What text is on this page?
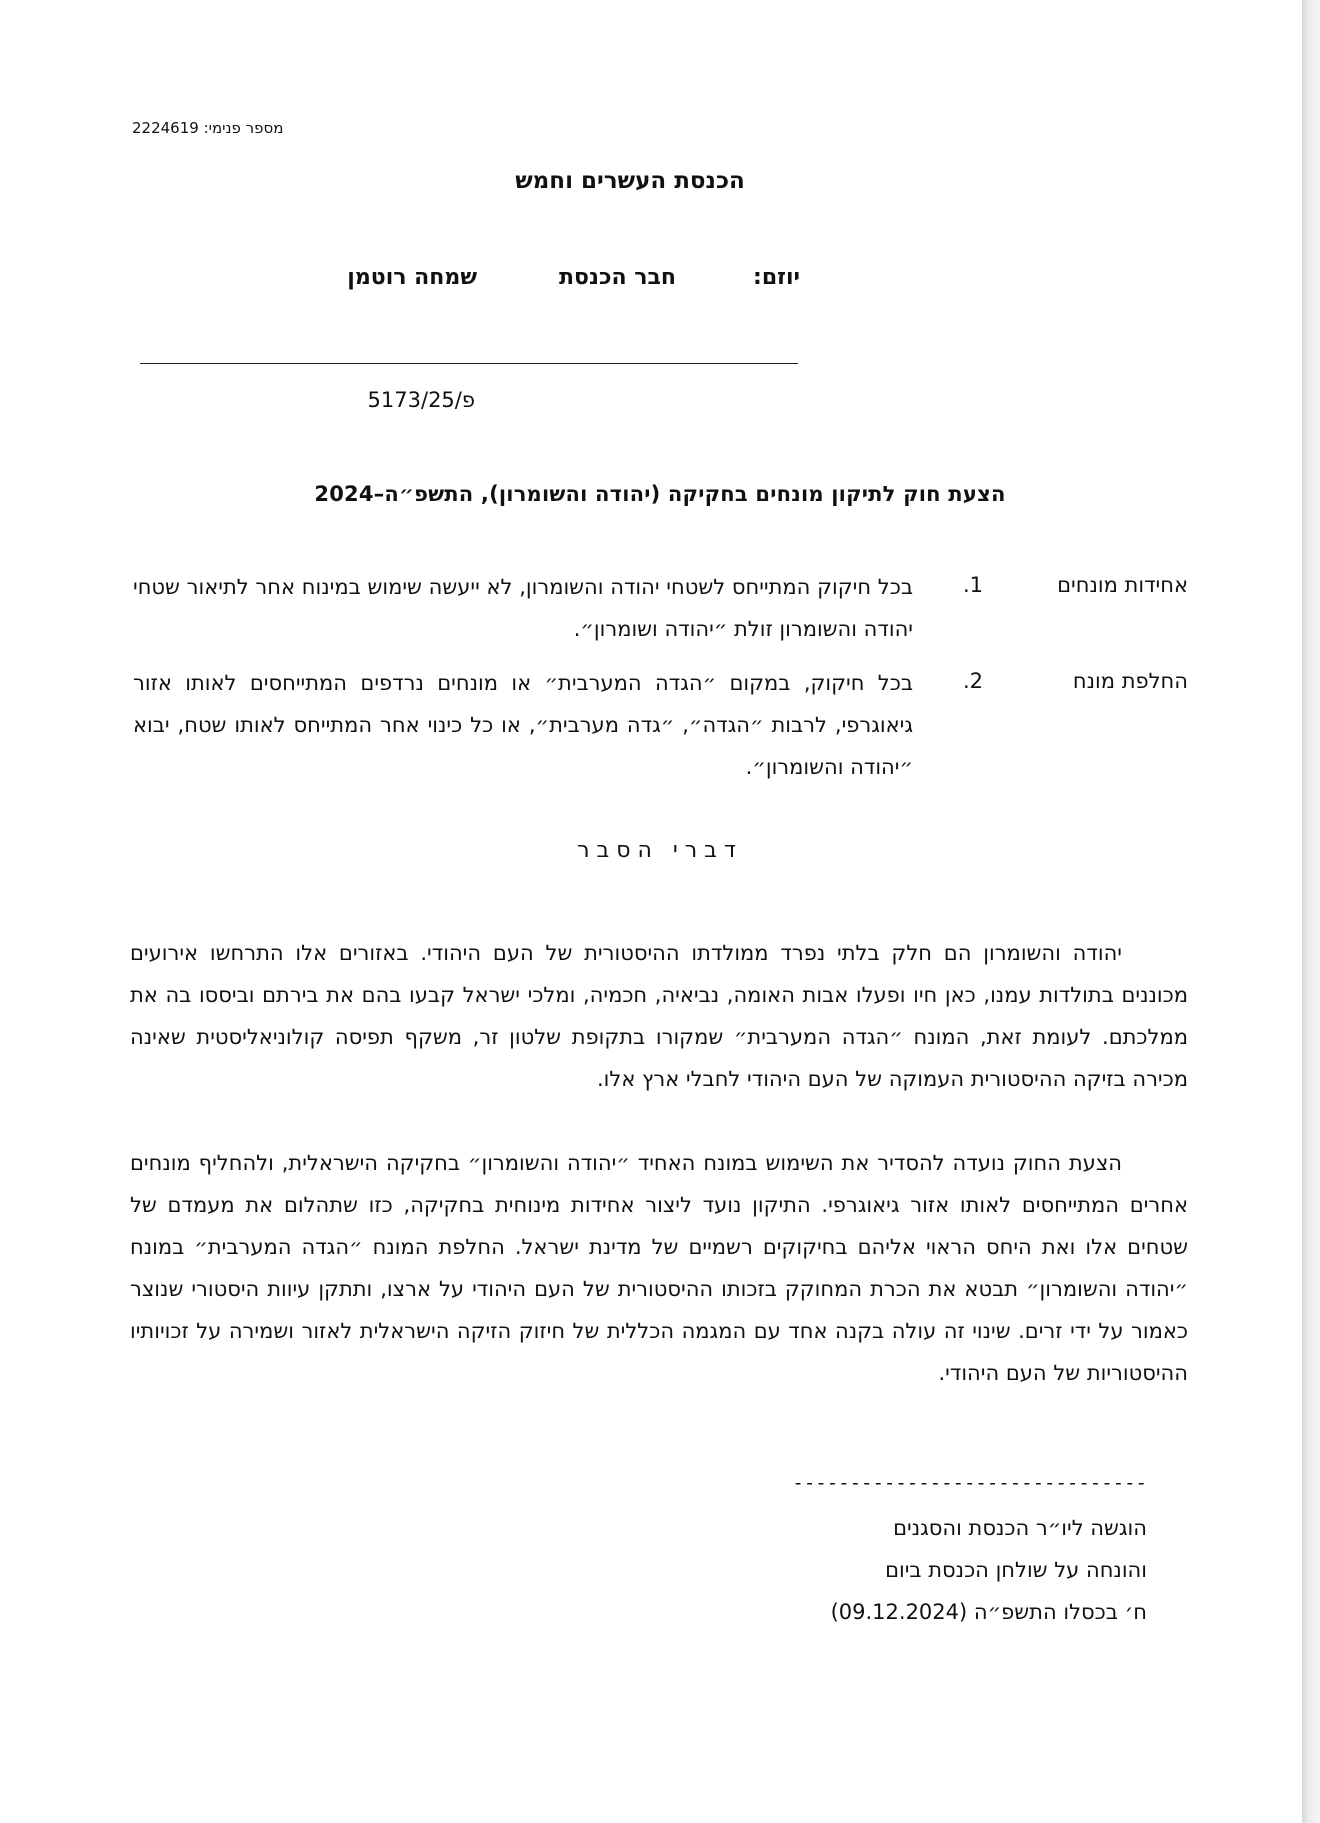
מספר פנימי: 2224619
הכנסת העשרים וחמש
יוזם:
חבר הכנסת
שמחה רוטמן
פ/5173/25
הצעת חוק לתיקון מונחים בחקיקה (יהודה והשומרון), התשפ״ה–2024
אחידות מונחים
1.
בכל חיקוק המתייחס לשטחי יהודה והשומרון, לא ייעשה שימוש במינוח אחר לתיאור שטחי יהודה והשומרון זולת ״יהודה ושומרון״.
החלפת מונח
2.
בכל חיקוק, במקום ״הגדה המערבית״ או מונחים נרדפים המתייחסים לאותו אזור גיאוגרפי, לרבות ״הגדה״, ״גדה מערבית״, או כל כינוי אחר המתייחס לאותו שטח, יבוא ״יהודה והשומרון״.
דברי הסבר
יהודה והשומרון הם חלק בלתי נפרד ממולדתו ההיסטורית של העם היהודי. באזורים אלו התרחשו אירועים מכוננים בתולדות עמנו, כאן חיו ופעלו אבות האומה, נביאיה, חכמיה, ומלכי ישראל קבעו בהם את בירתם וביססו בה את ממלכתם. לעומת זאת, המונח ״הגדה המערבית״ שמקורו בתקופת שלטון זר, משקף תפיסה קולוניאליסטית שאינה מכירה בזיקה ההיסטורית העמוקה של העם היהודי לחבלי ארץ אלו.
הצעת החוק נועדה להסדיר את השימוש במונח האחיד ״יהודה והשומרון״ בחקיקה הישראלית, ולהחליף מונחים אחרים המתייחסים לאותו אזור גיאוגרפי. התיקון נועד ליצור אחידות מינוחית בחקיקה, כזו שתהלום את מעמדם של שטחים אלו ואת היחס הראוי אליהם בחיקוקים רשמיים של מדינת ישראל. החלפת המונח ״הגדה המערבית״ במונח ״יהודה והשומרון״ תבטא את הכרת המחוקק בזכותו ההיסטורית של העם היהודי על ארצו, ותתקן עיוות היסטורי שנוצר כאמור על ידי זרים. שינוי זה עולה בקנה אחד עם המגמה הכללית של חיזוק הזיקה הישראלית לאזור ושמירה על זכויותיו ההיסטוריות של העם היהודי.
-------------------------------
הוגשה ליו״ר הכנסת והסגנים
והונחה על שולחן הכנסת ביום
ח׳ בכסלו התשפ״ה (09.12.2024)
